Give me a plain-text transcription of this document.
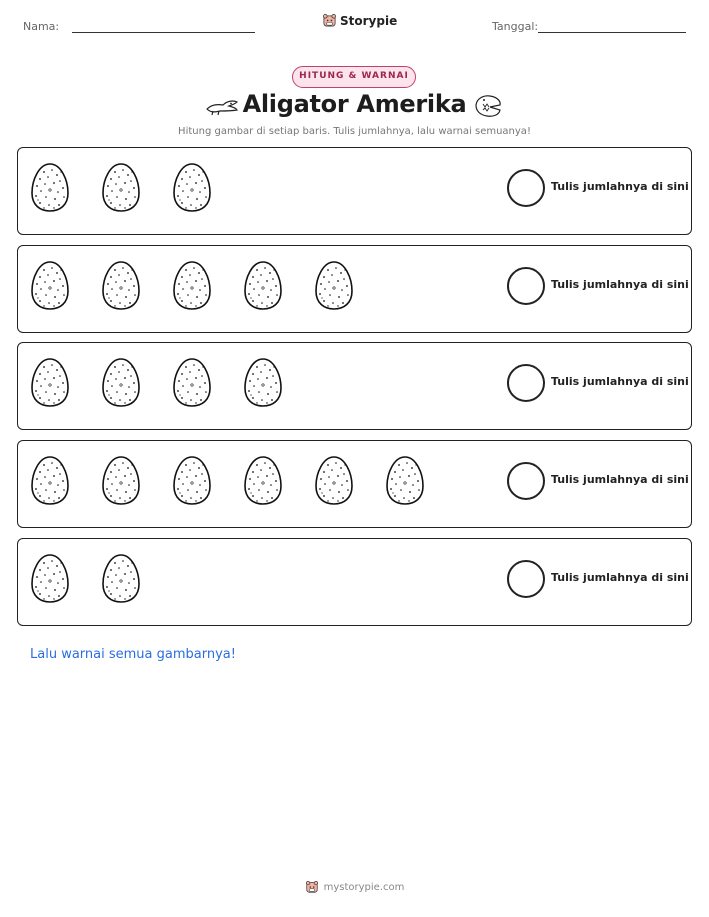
Nama:	Tanggal:
Storypie
HITUNG & WARNAI
Aligator Amerika
Hitung gambar di setiap baris. Tulis jumlahnya, lalu warnai semuanya!
Tulis jumlahnya di sini
Tulis jumlahnya di sini
Tulis jumlahnya di sini
Tulis jumlahnya di sini
Tulis jumlahnya di sini
Lalu warnai semua gambarnya!
mystorypie.com
